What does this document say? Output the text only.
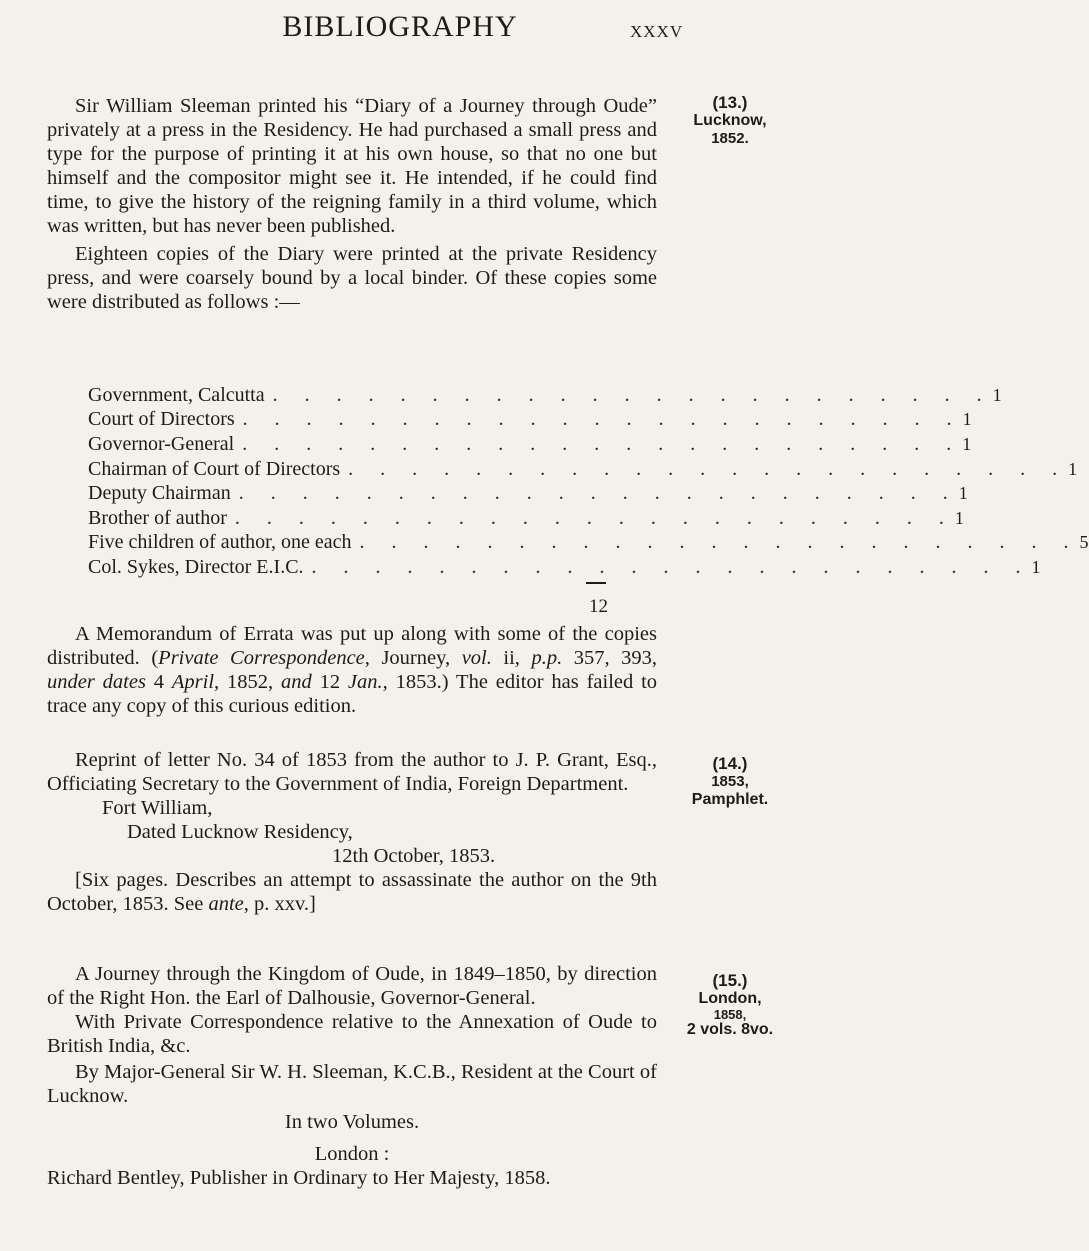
BIBLIOGRAPHY	XXXV
(13.)
Lucknow,
1852.

Sir William Sleeman printed his “Diary of a Journey through Oude” privately at a press in the Residency. He had purchased a small press and type for the purpose of printing it at his own house, so that no one but himself and the compositor might see it. He intended, if he could find time, to give the history of the reigning family in a third volume, which was written, but has never been published.

Eighteen copies of the Diary were printed at the private Residency press, and were coarsely bound by a local binder. Of these copies some were distributed as follows :—

Government, Calcutta . . . . . . . . . . . . . . . . . . . . . . . 1
Court of Directors . . . . . . . . . . . . . . . . . . . . . . . 1
Governor-General . . . . . . . . . . . . . . . . . . . . . . . 1
Chairman of Court of Directors . . . . . . . . . . . . . . . . . . . . . . . 1
Deputy Chairman . . . . . . . . . . . . . . . . . . . . . . . 1
Brother of author . . . . . . . . . . . . . . . . . . . . . . . 1
Five children of author, one each . . . . . . . . . . . . . . . . . . . . . . . 5
Col. Sykes, Director E.I.C. . . . . . . . . . . . . . . . . . . . . . . . 1
12

A Memorandum of Errata was put up along with some of the copies distributed. (Private Correspondence, Journey, vol. ii, p.p. 357, 393, under dates 4 April, 1852, and 12 Jan., 1853.) The editor has failed to trace any copy of this curious edition.

(14.)
1853,
Pamphlet.

Reprint of letter No. 34 of 1853 from the author to J. P. Grant, Esq., Officiating Secretary to the Government of India, Foreign Department.

Fort William,
Dated Lucknow Residency,
12th October, 1853.

[Six pages. Describes an attempt to assassinate the author on the 9th October, 1853. See ante, p. xxv.]

(15.)
London,
1858,
2 vols. 8vo.

A Journey through the Kingdom of Oude, in 1849–1850, by direction of the Right Hon. the Earl of Dalhousie, Governor-General.

With Private Correspondence relative to the Annexation of Oude to British India, &c.

By Major-General Sir W. H. Sleeman, K.C.B., Resident at the Court of Lucknow.

In two Volumes.
London :
Richard Bentley, Publisher in Ordinary to Her Majesty, 1858.
